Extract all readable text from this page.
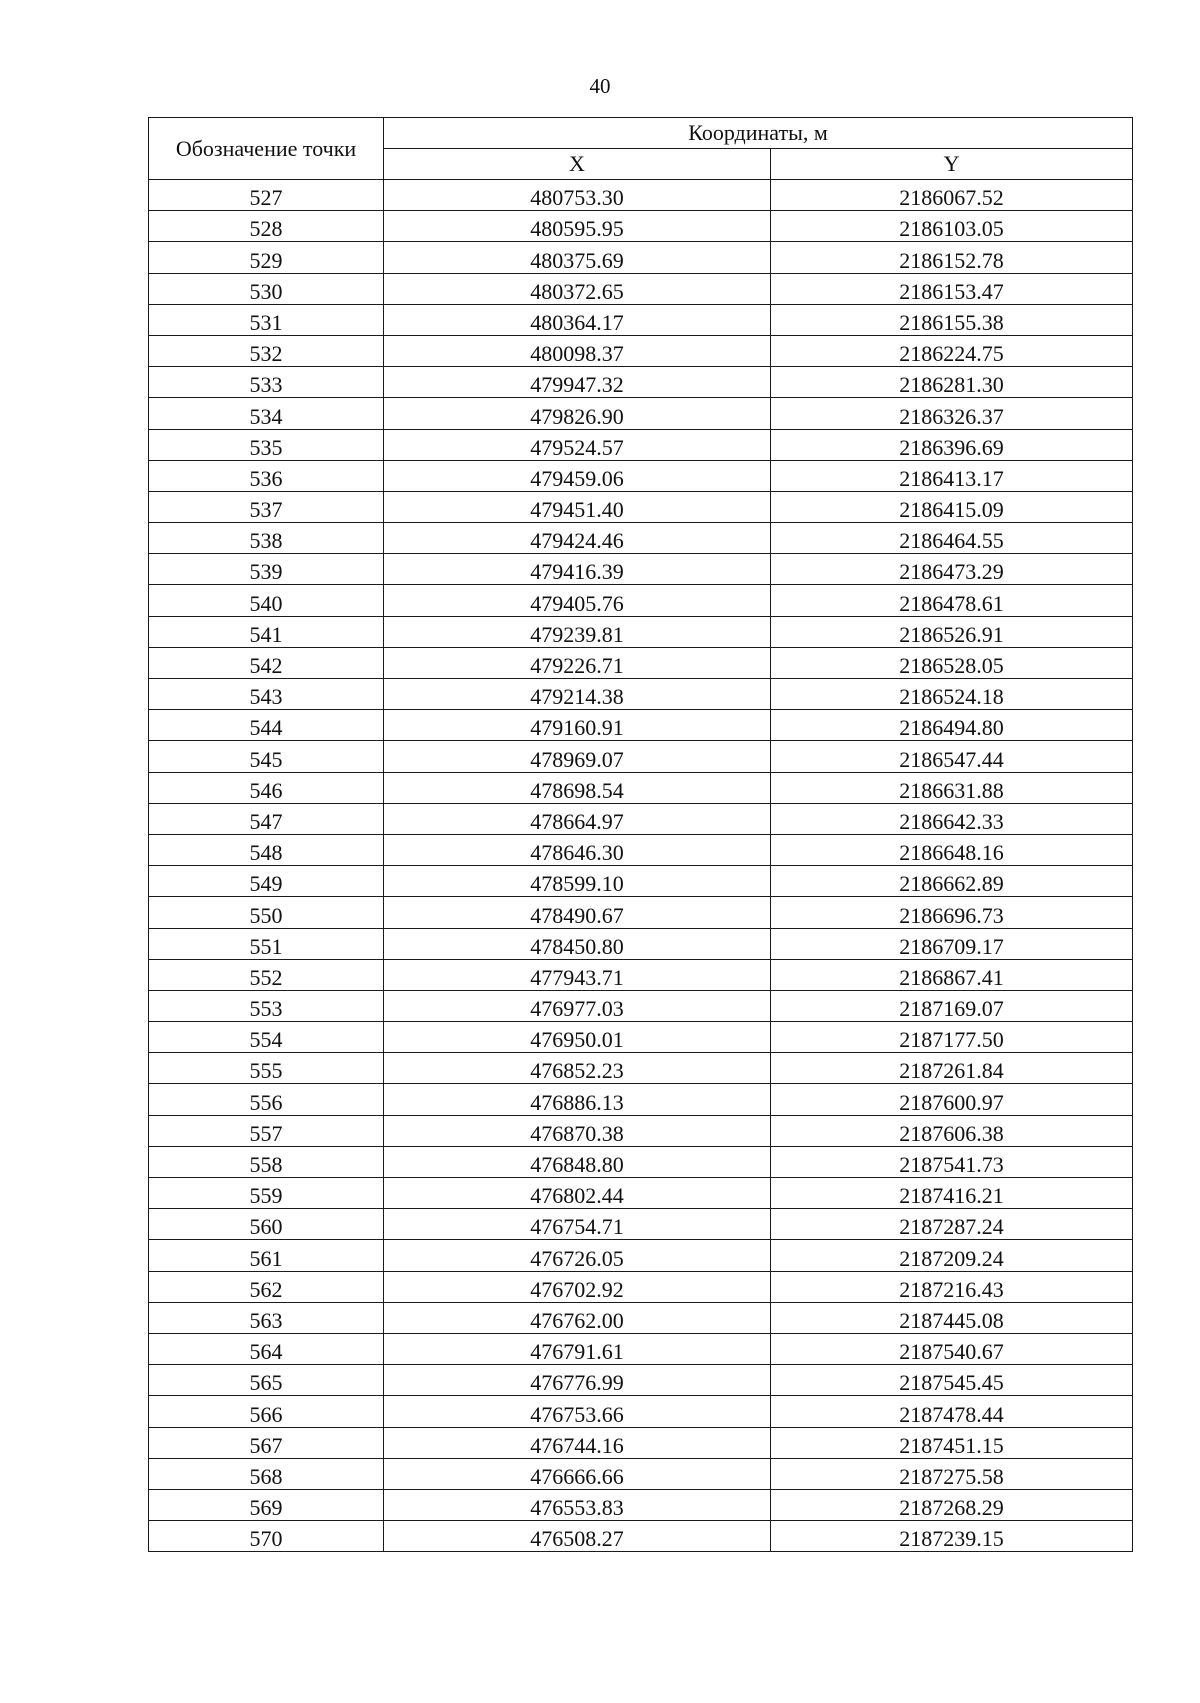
40
Обозначение точки	Координаты, м	
	X	Y
527	480753.30	2186067.52
528	480595.95	2186103.05
529	480375.69	2186152.78
530	480372.65	2186153.47
531	480364.17	2186155.38
532	480098.37	2186224.75
533	479947.32	2186281.30
534	479826.90	2186326.37
535	479524.57	2186396.69
536	479459.06	2186413.17
537	479451.40	2186415.09
538	479424.46	2186464.55
539	479416.39	2186473.29
540	479405.76	2186478.61
541	479239.81	2186526.91
542	479226.71	2186528.05
543	479214.38	2186524.18
544	479160.91	2186494.80
545	478969.07	2186547.44
546	478698.54	2186631.88
547	478664.97	2186642.33
548	478646.30	2186648.16
549	478599.10	2186662.89
550	478490.67	2186696.73
551	478450.80	2186709.17
552	477943.71	2186867.41
553	476977.03	2187169.07
554	476950.01	2187177.50
555	476852.23	2187261.84
556	476886.13	2187600.97
557	476870.38	2187606.38
558	476848.80	2187541.73
559	476802.44	2187416.21
560	476754.71	2187287.24
561	476726.05	2187209.24
562	476702.92	2187216.43
563	476762.00	2187445.08
564	476791.61	2187540.67
565	476776.99	2187545.45
566	476753.66	2187478.44
567	476744.16	2187451.15
568	476666.66	2187275.58
569	476553.83	2187268.29
570	476508.27	2187239.15
